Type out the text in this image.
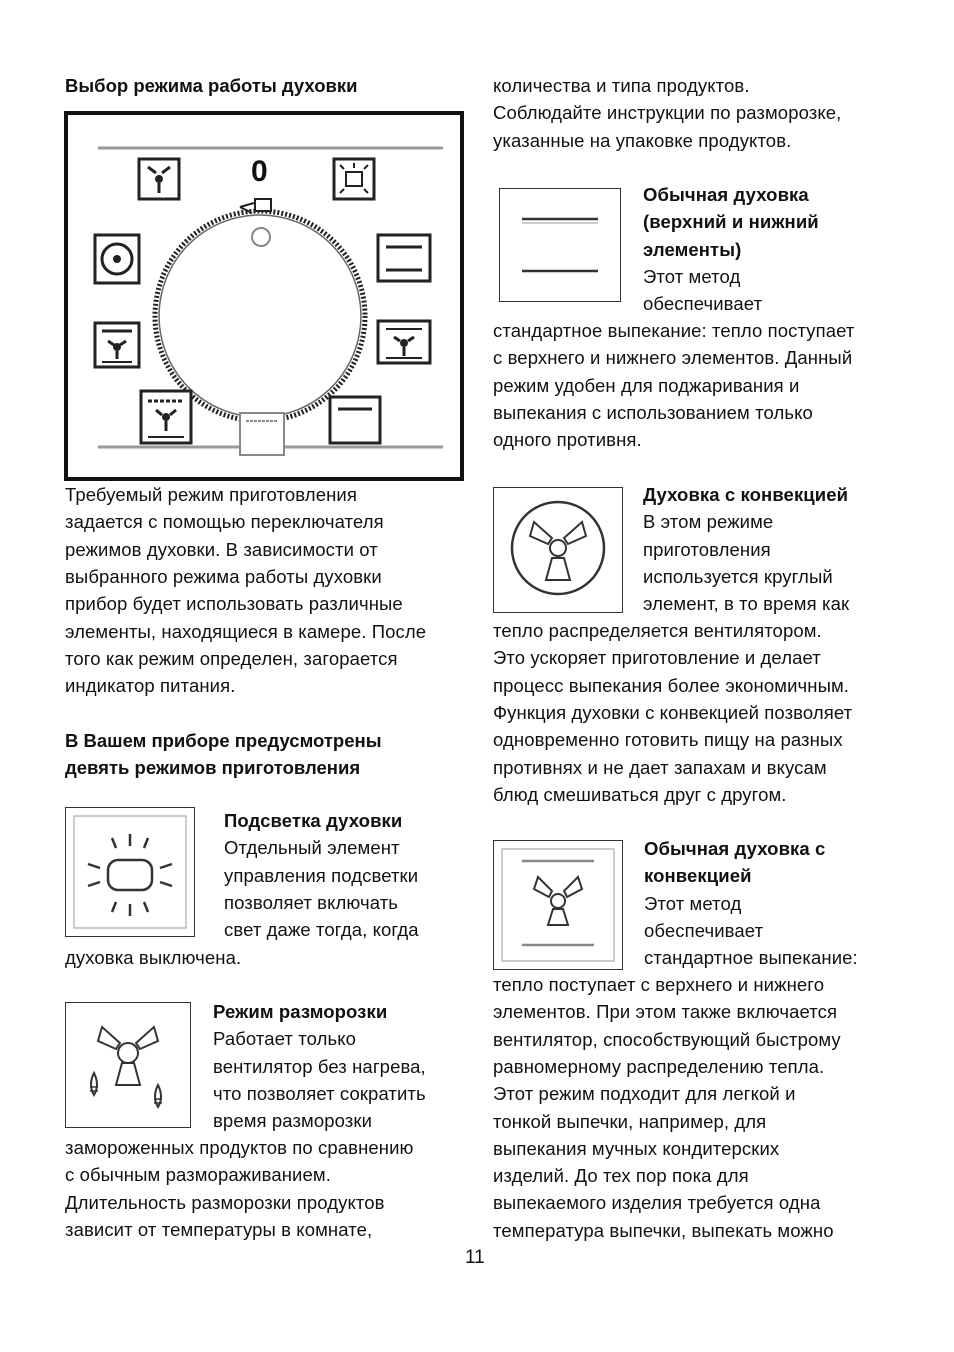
Выбор режима работы духовки
0
Требуемый режим приготовления
задается с помощью переключателя
режимов духовки. В зависимости от
выбранного режима работы духовки
прибор будет использовать различные
элементы, находящиеся в камере. После
того как режим определен, загорается
индикатор питания.
В Вашем приборе предусмотрены
девять режимов приготовления
Подсветка духовки
Отдельный элемент
управления подсветки
позволяет включать
свет даже тогда, когда
духовка выключена.
Режим разморозки
Работает только
вентилятор без нагрева,
что позволяет сократить
время разморозки
замороженных продуктов по сравнению
с обычным размораживанием.
Длительность разморозки продуктов
зависит от температуры в комнате,
количества и типа продуктов.
Соблюдайте инструкции по разморозке,
указанные на упаковке продуктов.
Обычная духовка
(верхний и нижний
элементы)
Этот метод
обеспечивает
стандартное выпекание: тепло поступает
с верхнего и нижнего элементов. Данный
режим удобен для поджаривания и
выпекания с использованием только
одного противня.
Духовка с конвекцией
В этом режиме
приготовления
используется круглый
элемент, в то время как
тепло распределяется вентилятором.
Это ускоряет приготовление и делает
процесс выпекания более экономичным.
Функция духовки с конвекцией позволяет
одновременно готовить пищу на разных
противнях и не дает запахам и вкусам
блюд смешиваться друг с другом.
Обычная духовка с
конвекцией
Этот метод
обеспечивает
стандартное выпекание:
тепло поступает с верхнего и нижнего
элементов. При этом также включается
вентилятор, способствующий быстрому
равномерному распределению тепла.
Этот режим подходит для легкой и
тонкой выпечки, например, для
выпекания мучных кондитерских
изделий. До тех пор пока для
выпекаемого изделия требуется одна
температура выпечки, выпекать можно
11
